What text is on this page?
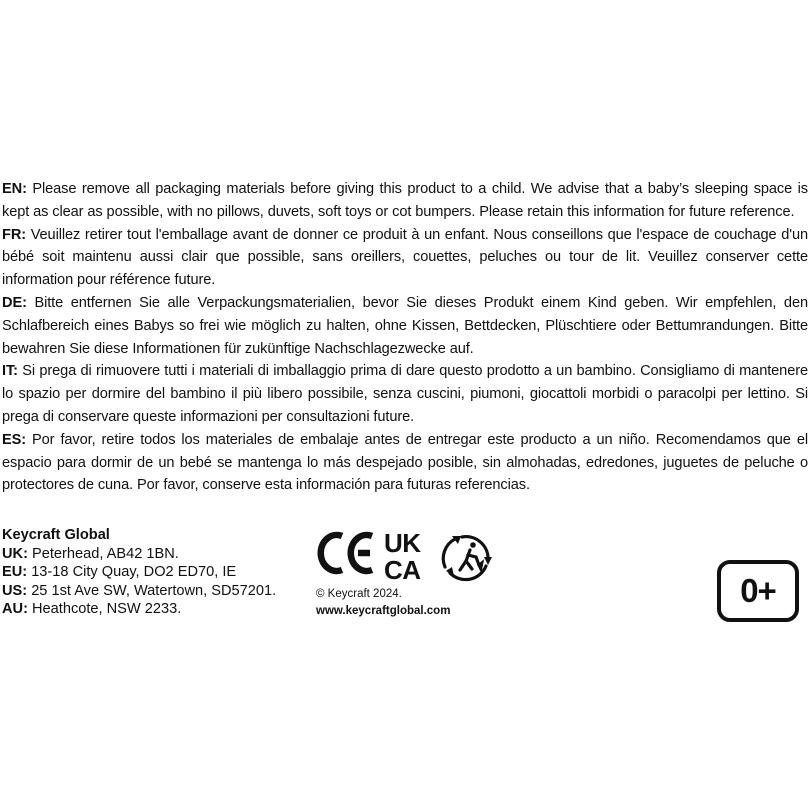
EN: Please remove all packaging materials before giving this product to a child. We advise that a baby’s sleeping space is kept as clear as possible, with no pillows, duvets, soft toys or cot bumpers. Please retain this information for future reference.

FR: Veuillez retirer tout l'emballage avant de donner ce produit à un enfant. Nous conseillons que l'espace de couchage d'un bébé soit maintenu aussi clair que possible, sans oreillers, couettes, peluches ou tour de lit. Veuillez conserver cette information pour référence future.

DE: Bitte entfernen Sie alle Verpackungsmaterialien, bevor Sie dieses Produkt einem Kind geben. Wir empfehlen, den Schlafbereich eines Babys so frei wie möglich zu halten, ohne Kissen, Bettdecken, Plüschtiere oder Bettumrandungen. Bitte bewahren Sie diese Informationen für zukünftige Nachschlagezwecke auf.

IT: Si prega di rimuovere tutti i materiali di imballaggio prima di dare questo prodotto a un bambino. Consigliamo di mantenere lo spazio per dormire del bambino il più libero possibile, senza cuscini, piumoni, giocattoli morbidi o paracolpi per lettino. Si prega di conservare queste informazioni per consultazioni future.

ES: Por favor, retire todos los materiales de embalaje antes de entregar este producto a un niño. Recomendamos que el espacio para dormir de un bebé se mantenga lo más despejado posible, sin almohadas, edredones, juguetes de peluche o protectores de cuna. Por favor, conserve esta información para futuras referencias.

Keycraft Global
UK: Peterhead, AB42 1BN.
EU: 13-18 City Quay, DO2 ED70, IE
US: 25 1st Ave SW, Watertown, SD57201.
AU: Heathcote, NSW 2233.
UK
CA
© Keycraft 2024.
www.keycraftglobal.com
0+
